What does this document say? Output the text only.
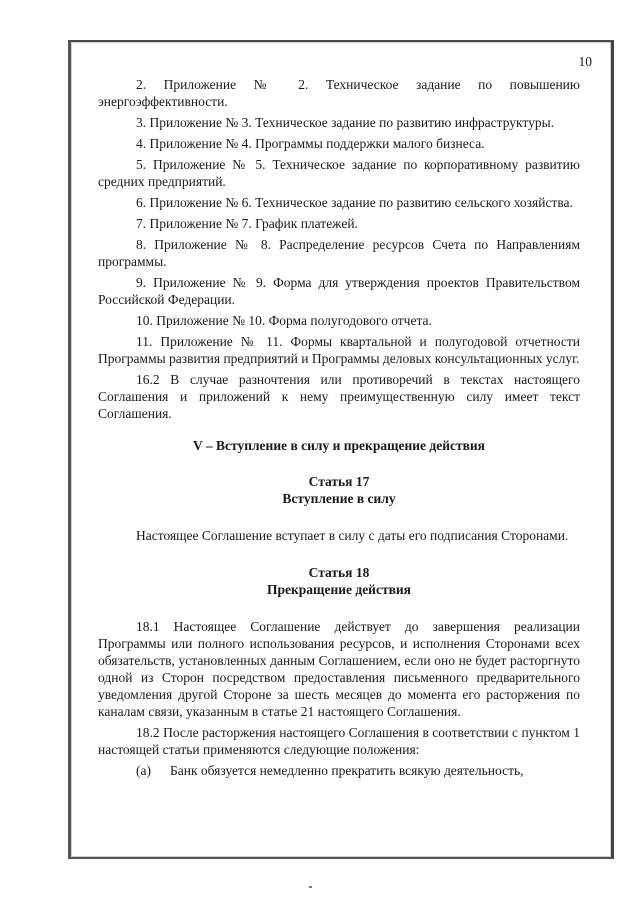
10

2. Приложение № 2. Техническое задание по повышению энергоэффективности.

3. Приложение № 3. Техническое задание по развитию инфраструктуры.

4. Приложение № 4. Программы поддержки малого бизнеса.

5. Приложение № 5. Техническое задание по корпоративному развитию средних предприятий.

6. Приложение № 6. Техническое задание по развитию сельского хозяйства.

7. Приложение № 7. График платежей.

8. Приложение № 8. Распределение ресурсов Счета по Направлениям программы.

9. Приложение № 9. Форма для утверждения проектов Правительством Российской Федерации.

10. Приложение № 10. Форма полугодового отчета.

11. Приложение № 11. Формы квартальной и полугодовой отчетности Программы развития предприятий и Программы деловых консультационных услуг.

16.2 В случае разночтения или противоречий в текстах настоящего Соглашения и приложений к нему преимущественную силу имеет текст Соглашения.

V – Вступление в силу и прекращение действия

Статья 17

Вступление в силу

Настоящее Соглашение вступает в силу с даты его подписания Сторонами.

Статья 18

Прекращение действия

18.1 Настоящее Соглашение действует до завершения реализации Программы или полного использования ресурсов, и исполнения Сторонами всех обязательств, установленных данным Соглашением, если оно не будет расторгнуто одной из Сторон посредством предоставления письменного предварительного уведомления другой Стороне за шесть месяцев до момента его расторжения по каналам связи, указанным в статье 21 настоящего Соглашения.

18.2 После расторжения настоящего Соглашения в соответствии с пунктом 1 настоящей статьи применяются следующие положения:

(а)	Банк обязуется немедленно прекратить всякую деятельность,
